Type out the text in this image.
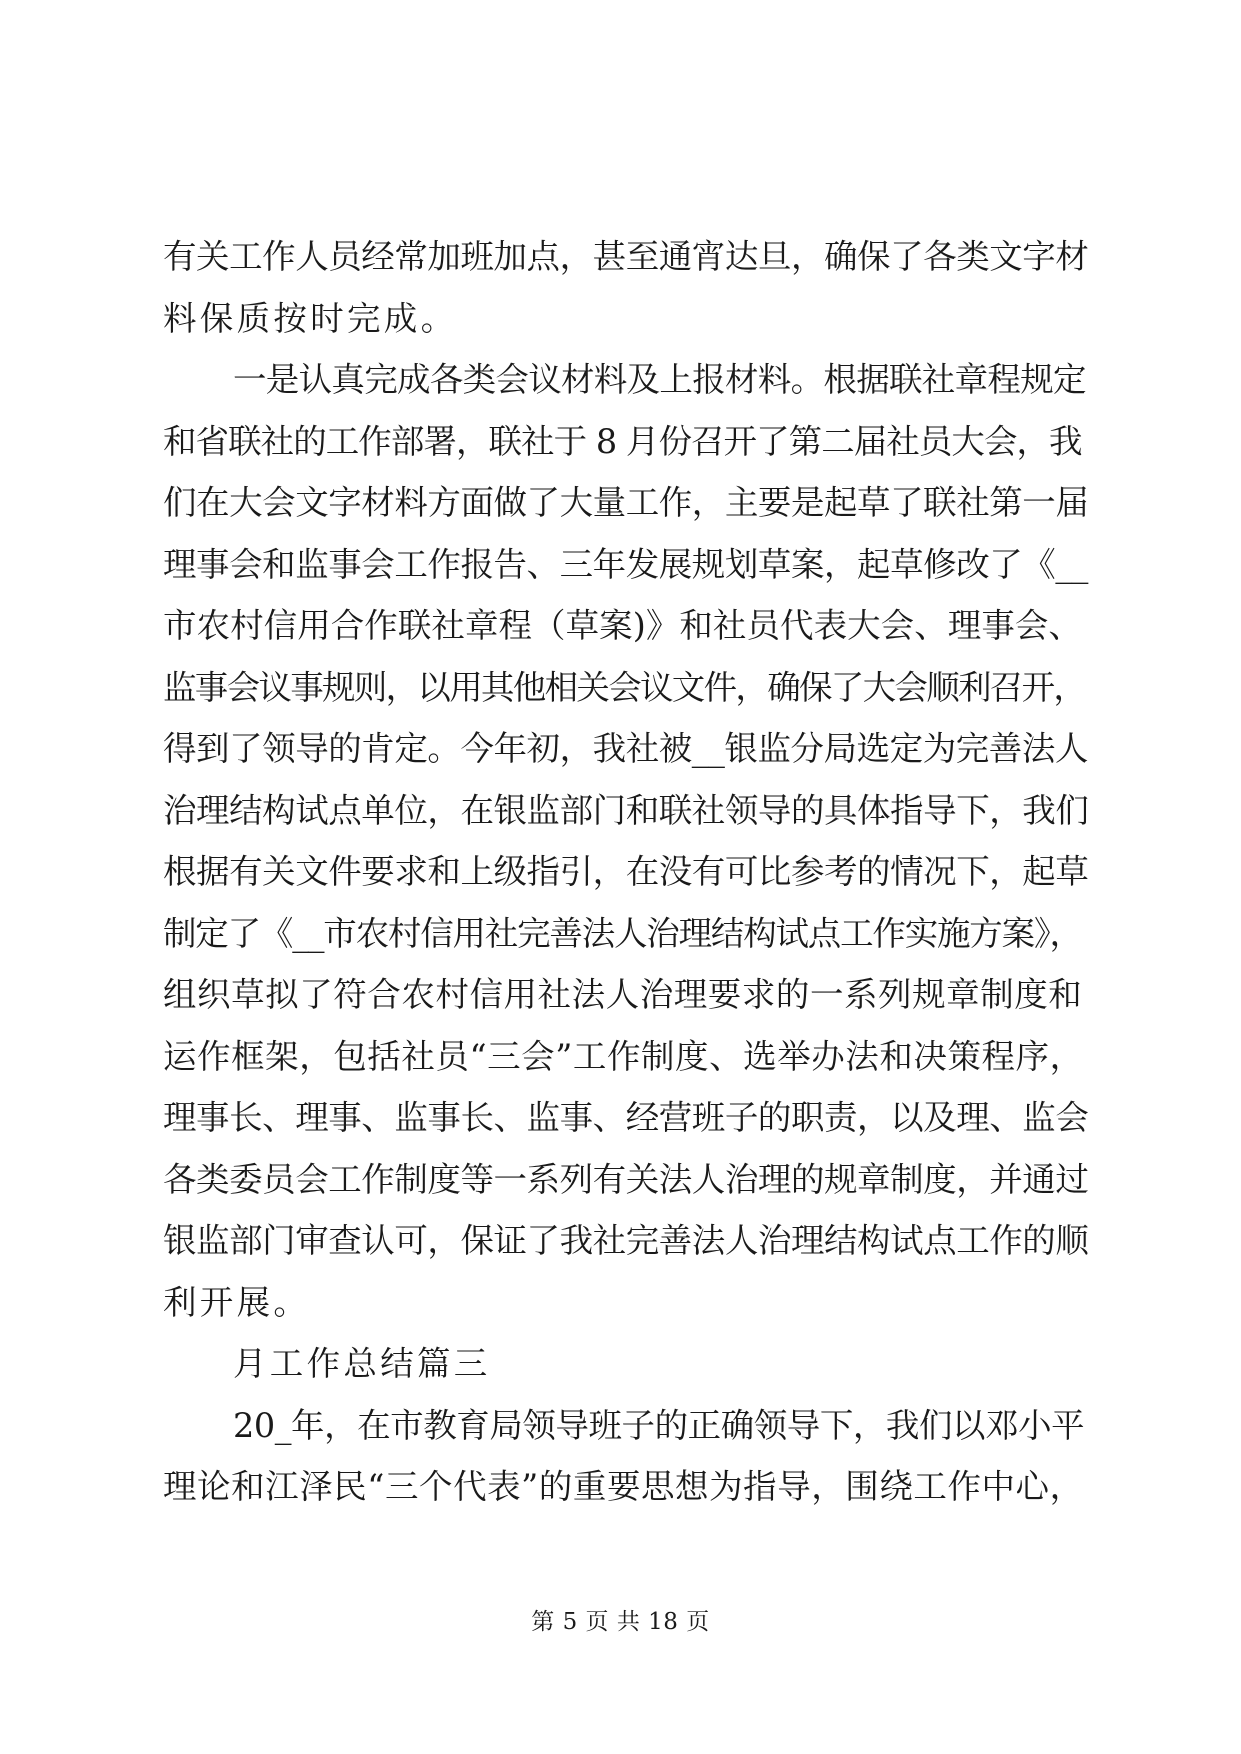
有关工作人员经常加班加点，甚至通宵达旦，确保了各类文字材
料保质按时完成。
一是认真完成各类会议材料及上报材料。根据联社章程规定
和省联社的工作部署，联社于 8 月份召开了第二届社员大会，我
们在大会文字材料方面做了大量工作，主要是起草了联社第一届
理事会和监事会工作报告、三年发展规划草案，起草修改了《__
市农村信用合作联社章程（草案)》和社员代表大会、理事会、
监事会议事规则，以用其他相关会议文件，确保了大会顺利召开，
得到了领导的肯定。今年初，我社被__银监分局选定为完善法人
治理结构试点单位，在银监部门和联社领导的具体指导下，我们
根据有关文件要求和上级指引，在没有可比参考的情况下，起草
制定了《__市农村信用社完善法人治理结构试点工作实施方案》，
组织草拟了符合农村信用社法人治理要求的一系列规章制度和
运作框架，包括社员“三会”工作制度、选举办法和决策程序，
理事长、理事、监事长、监事、经营班子的职责，以及理、监会
各类委员会工作制度等一系列有关法人治理的规章制度，并通过
银监部门审查认可，保证了我社完善法人治理结构试点工作的顺
利开展。
月工作总结篇三
20_年，在市教育局领导班子的正确领导下，我们以邓小平
理论和江泽民“三个代表”的重要思想为指导，围绕工作中心，
第 5 页 共 18 页
